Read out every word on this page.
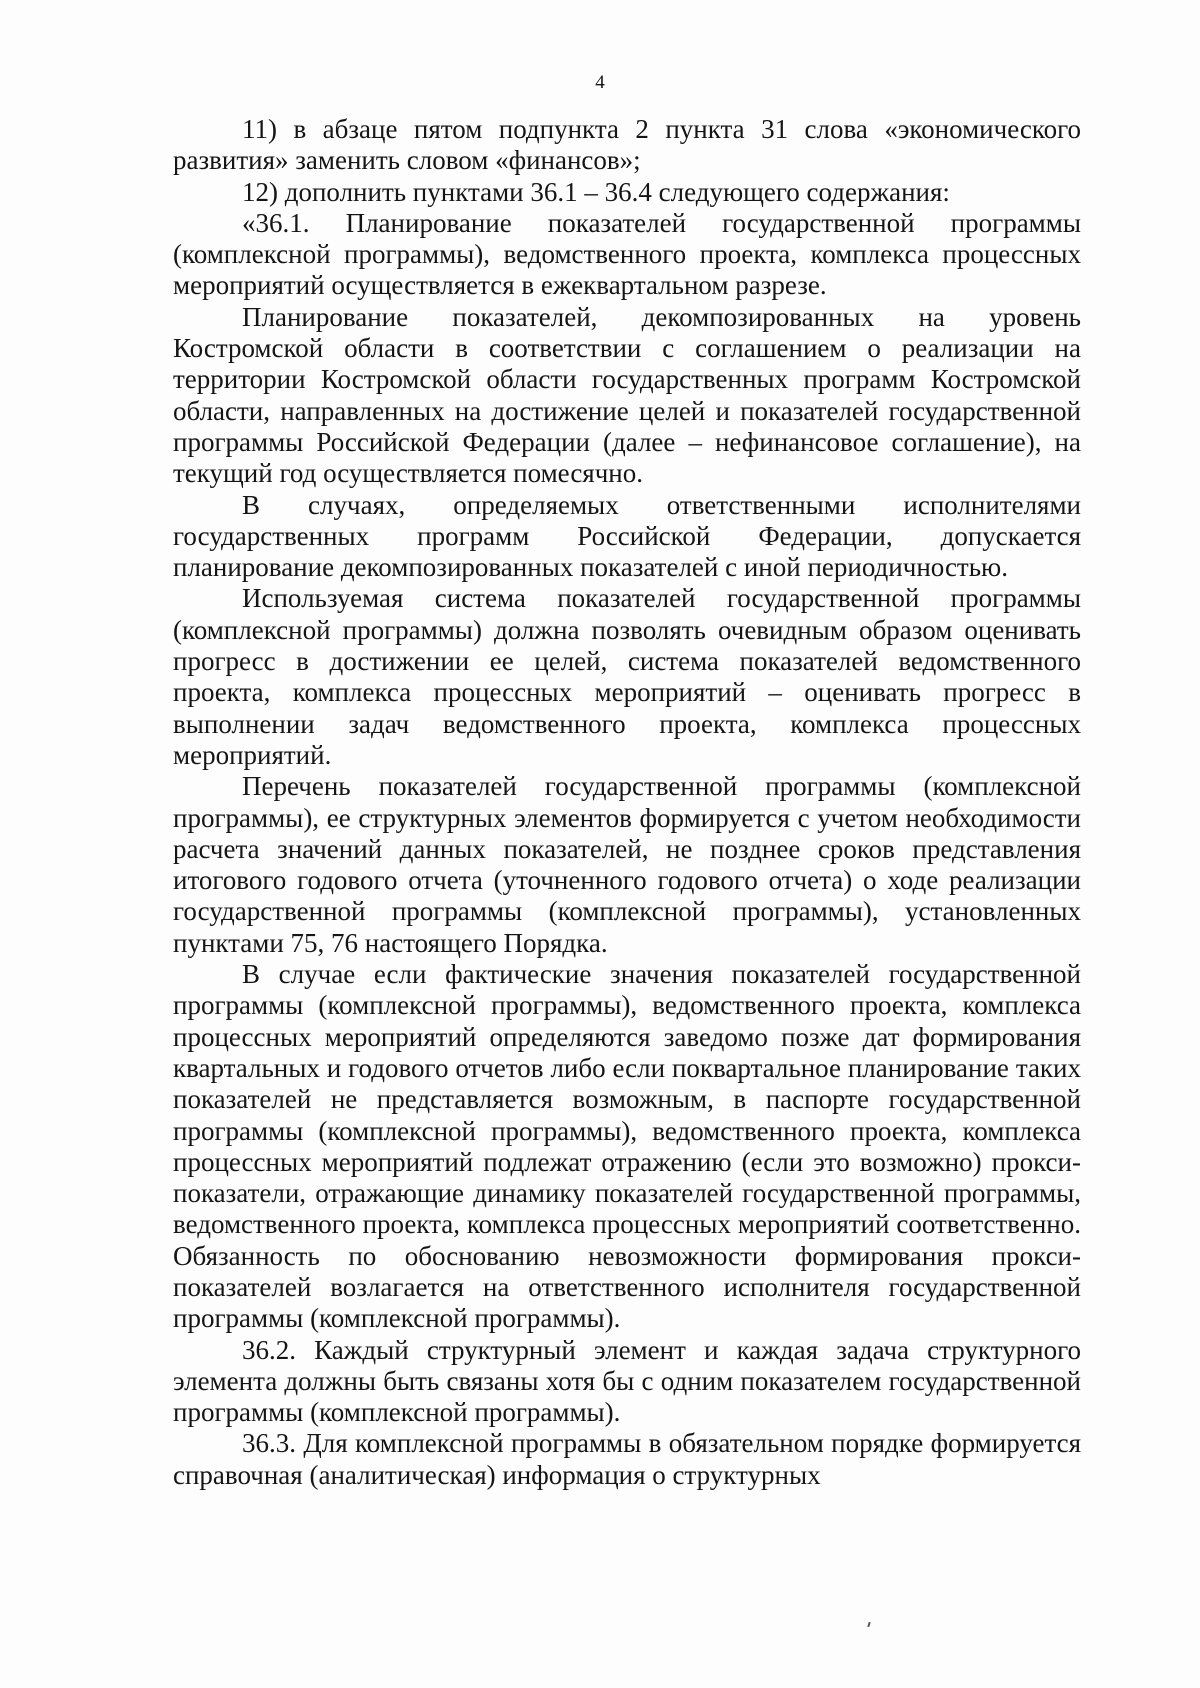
4

11) в абзаце пятом подпункта 2 пункта 31 слова «экономического развития» заменить словом «финансов»;

12) дополнить пунктами 36.1 – 36.4 следующего содержания:

«36.1. Планирование показателей государственной программы (комплексной программы), ведомственного проекта, комплекса процессных мероприятий осуществляется в ежеквартальном разрезе.

Планирование показателей, декомпозированных на уровень Костромской области в соответствии с соглашением о реализации на территории Костромской области государственных программ Костромской области, направленных на достижение целей и показателей государственной программы Российской Федерации (далее – нефинансовое соглашение), на текущий год осуществляется помесячно.

В случаях, определяемых ответственными исполнителями государственных программ Российской Федерации, допускается планирование декомпозированных показателей с иной периодичностью.

Используемая система показателей государственной программы (комплексной программы) должна позволять очевидным образом оценивать прогресс в достижении ее целей, система показателей ведомственного проекта, комплекса процессных мероприятий – оценивать прогресс в выполнении задач ведомственного проекта, комплекса процессных мероприятий.

Перечень показателей государственной программы (комплексной программы), ее структурных элементов формируется с учетом необходимости расчета значений данных показателей, не позднее сроков представления итогового годового отчета (уточненного годового отчета) о ходе реализации государственной программы (комплексной программы), установленных пунктами 75, 76 настоящего Порядка.

В случае если фактические значения показателей государственной программы (комплексной программы), ведомственного проекта, комплекса процессных мероприятий определяются заведомо позже дат формирования квартальных и годового отчетов либо если поквартальное планирование таких показателей не представляется возможным, в паспорте государственной программы (комплексной программы), ведомственного проекта, комплекса процессных мероприятий подлежат отражению (если это возможно) прокси-показатели, отражающие динамику показателей государственной программы, ведомственного проекта, комплекса процессных мероприятий соответственно. Обязанность по обоснованию невозможности формирования прокси-показателей возлагается на ответственного исполнителя государственной программы (комплексной программы).

36.2. Каждый структурный элемент и каждая задача структурного элемента должны быть связаны хотя бы с одним показателем государственной программы (комплексной программы).

36.3. Для комплексной программы в обязательном порядке формируется справочная (аналитическая) информация о структурных
